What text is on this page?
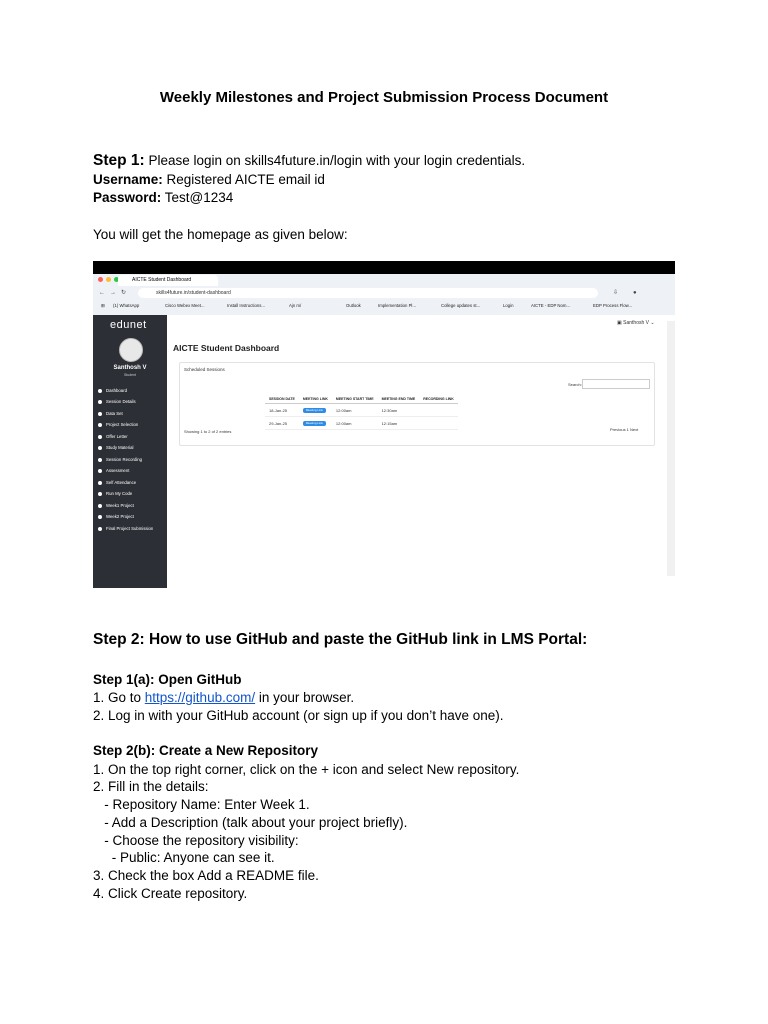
Weekly Milestones and Project Submission Process Document
Step 1: Please login on skills4future.in/login with your login credentials.
Username: Registered AICTE email id
Password: Test@1234
You will get the homepage as given below:
AICTE Student Dashboard
← → ↻	skills4future.in/student-dashboard	⇩ ●
⊞ (1) WhatsApp	Cisco Webex Meet...	Install Instructions...	Ajn m/	Outlook	Implementation Pl...	College updates st...	Login	AICTE - EDP Nom...	EDP Process Flow...
edunet
Santhosh V
Student
Dashboard
Session Details
Data Set
Project Selection
Offer Letter
Study Material
Session Recording
Assessment
Self Attendance
Run My Code
Week1 Project
Week2 Project
Final Project Submission
▣ Santhosh V ⌄
AICTE Student Dashboard
Scheduled Sessions
Search:
SESSION DATE	MEETING LINK	MEETING START TIME	MEETING END TIME	RECORDING LINK
18-Jan-25	Meeting Link	12:00am	12:30am	
29-Jan-25	Meeting Link	12:00am	12:15am	
Showing 1 to 2 of 2 entries	Previous 1 Next
Step 2: How to use GitHub and paste the GitHub link in LMS Portal:
Step 1(a): Open GitHub
1. Go to https://github.com/ in your browser.
2. Log in with your GitHub account (or sign up if you don’t have one).
Step 2(b): Create a New Repository
1. On the top right corner, click on the + icon and select New repository.
2. Fill in the details:
- Repository Name: Enter Week 1.
- Add a Description (talk about your project briefly).
- Choose the repository visibility:
- Public: Anyone can see it.
3. Check the box Add a README file.
4. Click Create repository.
